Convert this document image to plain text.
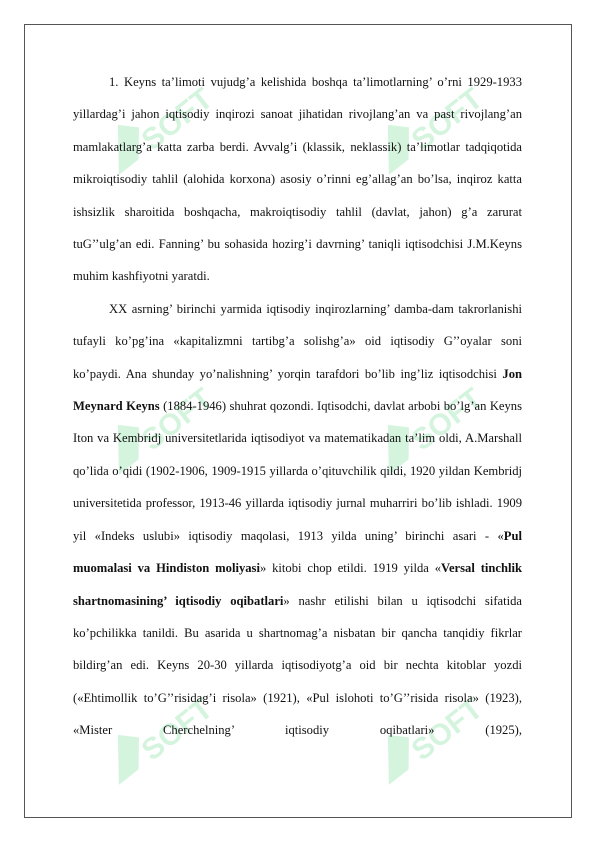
SOFT	SOFT
SOFT	SOFT
SOFT	SOFT

1. Keyns ta’limoti vujudg’a kelishida boshqa ta’limotlarning’ o’rni 1929-1933 yillardag’i jahon iqtisodiy inqirozi sanoat jihatidan rivojlang’an va past rivojlang’an mamlakatlarg’a katta zarba berdi. Avvalg’i (klassik, neklassik) ta’limotlar tadqiqotida mikroiqtisodiy tahlil (alohida korxona) asosiy o’rinni eg’allag’an bo’lsa, inqiroz katta ishsizlik sharoitida boshqacha, makroiqtisodiy tahlil (davlat, jahon) g’a zarurat tuG’’ulg’an edi. Fanning’ bu sohasida hozirg’i davrning’ taniqli iqtisodchisi J.M.Keyns muhim kashfiyotni yaratdi.

XX asrning’ birinchi yarmida iqtisodiy inqirozlarning’ damba-dam takrorlanishi tufayli ko’pg’ina «kapitalizmni tartibg’a solishg’a» oid iqtisodiy G’’oyalar soni ko’paydi. Ana shunday yo’nalishning’ yorqin tarafdori bo’lib ing’liz iqtisodchisi Jon Meynard Keyns (1884-1946) shuhrat qozondi. Iqtisodchi, davlat arbobi bo’lg’an Keyns Iton va Kembridj universitetlarida iqtisodiyot va matematikadan ta’lim oldi, A.Marshall qo’lida o’qidi (1902-1906, 1909-1915 yillarda o’qituvchilik qildi, 1920 yildan Kembridj universitetida professor, 1913-46 yillarda iqtisodiy jurnal muharriri bo’lib ishladi. 1909 yil «Indeks uslubi» iqtisodiy maqolasi, 1913 yilda uning’ birinchi asari - «Pul muomalasi va Hindiston moliyasi» kitobi chop etildi. 1919 yilda «Versal tinchlik shartnomasining’ iqtisodiy oqibatlari» nashr etilishi bilan u iqtisodchi sifatida ko’pchilikka tanildi. Bu asarida u shartnomag’a nisbatan bir qancha tanqidiy fikrlar bildirg’an edi. Keyns 20-30 yillarda iqtisodiyotg’a oid bir nechta kitoblar yozdi («Ehtimollik to’G’’risidag’i risola» (1921), «Pul islohoti to’G’’risida risola» (1923), «Mister Cherchelning’ iqtisodiy oqibatlari» (1925),
